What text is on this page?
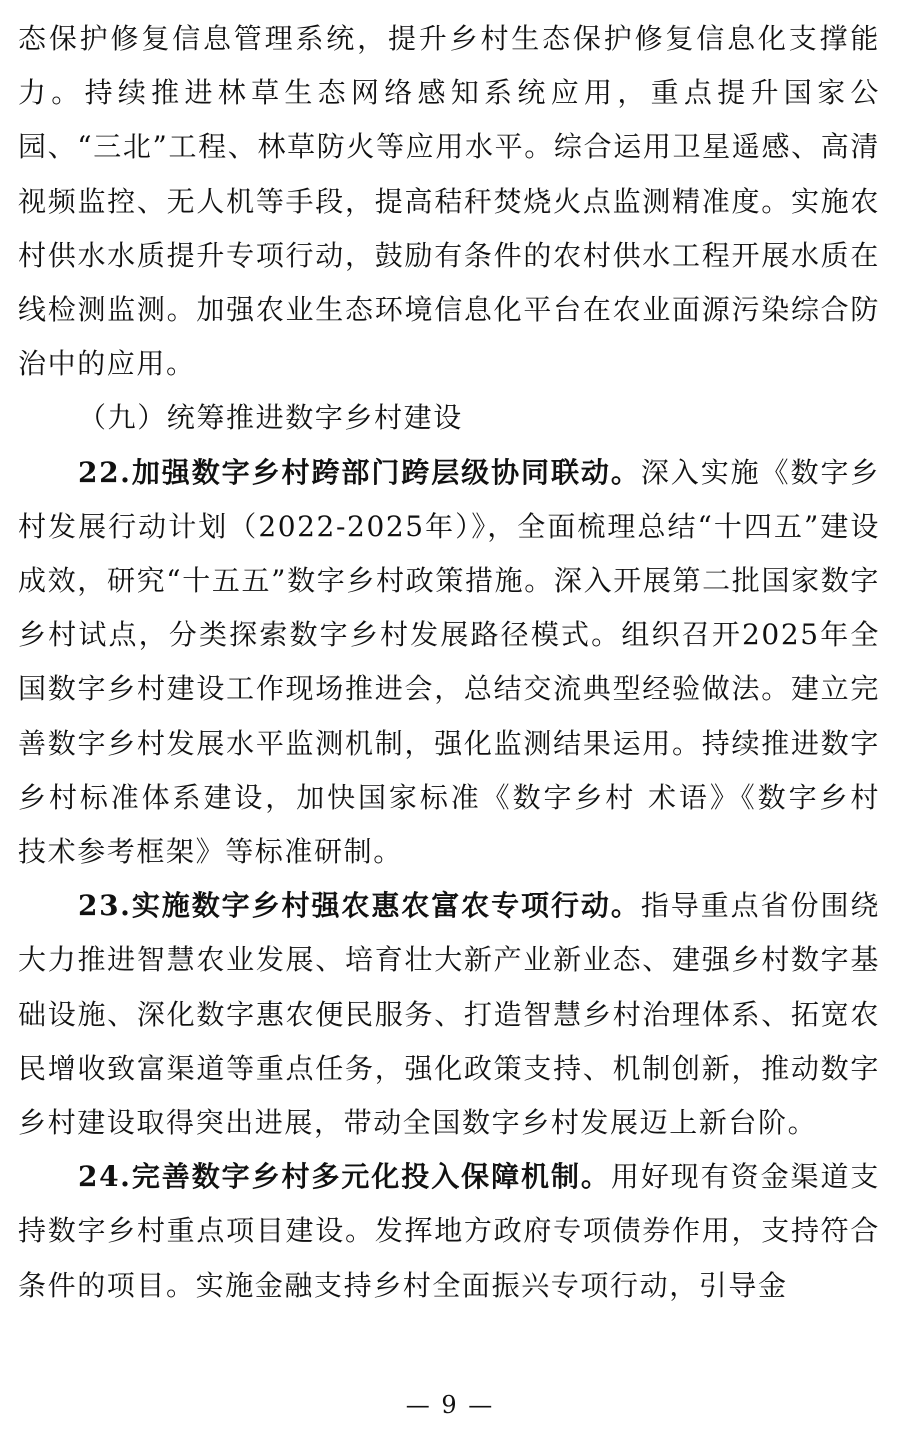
态保护修复信息管理系统，提升乡村生态保护修复信息化支撑能力。持续推进林草生态网络感知系统应用，重点提升国家公园、“三北”工程、林草防火等应用水平。综合运用卫星遥感、高清视频监控、无人机等手段，提高秸秆焚烧火点监测精准度。实施农村供水水质提升专项行动，鼓励有条件的农村供水工程开展水质在线检测监测。加强农业生态环境信息化平台在农业面源污染综合防治中的应用。

（九）统筹推进数字乡村建设

22.加强数字乡村跨部门跨层级协同联动。深入实施《数字乡村发展行动计划（2022-2025年）》，全面梳理总结“十四五”建设成效，研究“十五五”数字乡村政策措施。深入开展第二批国家数字乡村试点，分类探索数字乡村发展路径模式。组织召开2025年全国数字乡村建设工作现场推进会，总结交流典型经验做法。建立完善数字乡村发展水平监测机制，强化监测结果运用。持续推进数字乡村标准体系建设，加快国家标准《数字乡村 术语》《数字乡村 技术参考框架》等标准研制。

23.实施数字乡村强农惠农富农专项行动。指导重点省份围绕大力推进智慧农业发展、培育壮大新产业新业态、建强乡村数字基础设施、深化数字惠农便民服务、打造智慧乡村治理体系、拓宽农民增收致富渠道等重点任务，强化政策支持、机制创新，推动数字乡村建设取得突出进展，带动全国数字乡村发展迈上新台阶。

24.完善数字乡村多元化投入保障机制。用好现有资金渠道支持数字乡村重点项目建设。发挥地方政府专项债券作用，支持符合条件的项目。实施金融支持乡村全面振兴专项行动，引导金

— 9 —
